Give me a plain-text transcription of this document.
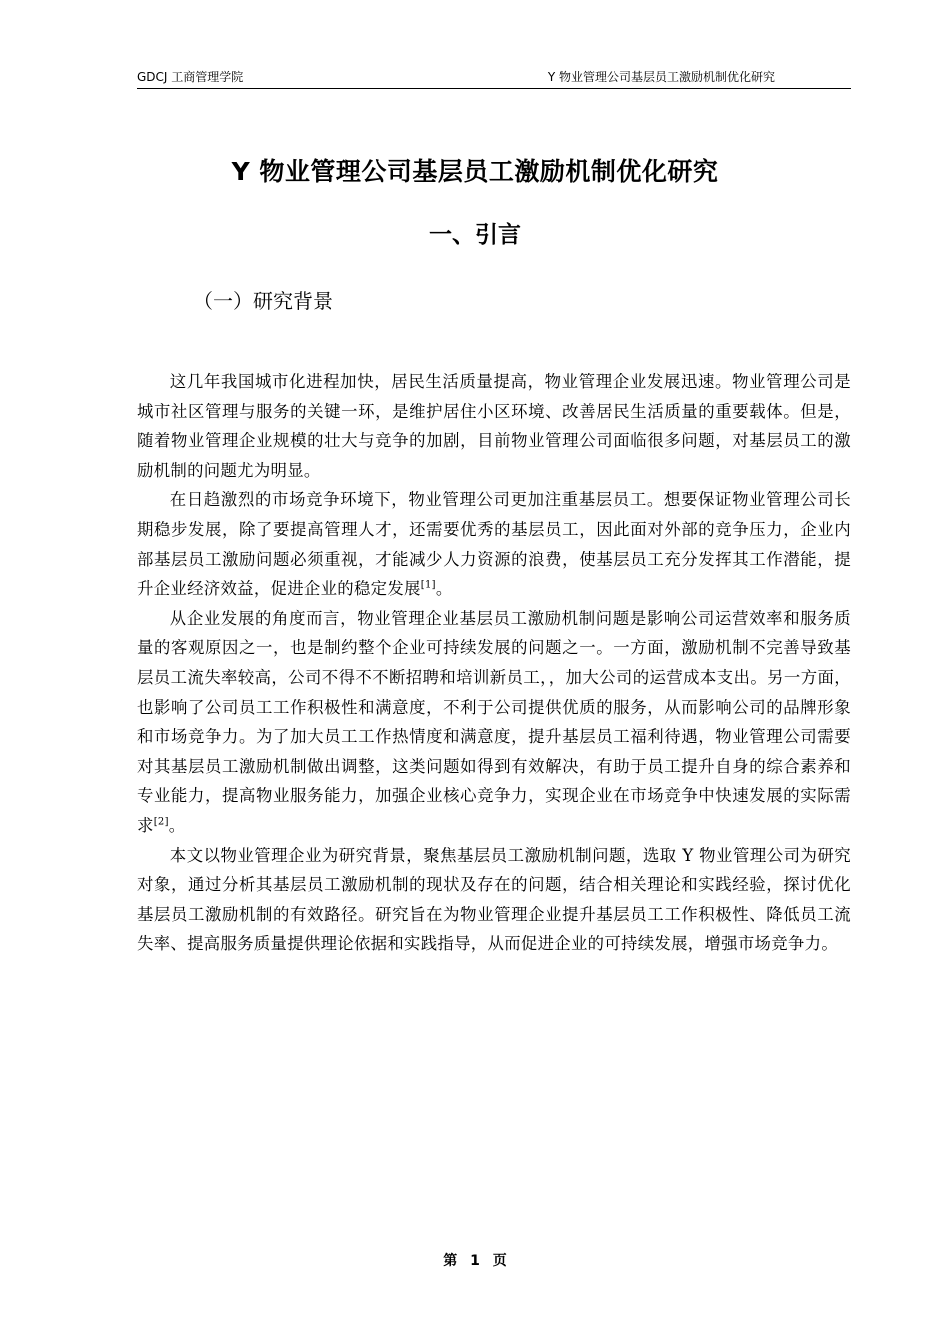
GDCJ 工商管理学院	Y 物业管理公司基层员工激励机制优化研究
Y 物业管理公司基层员工激励机制优化研究
一、引言
（一）研究背景

这几年我国城市化进程加快，居民生活质量提高，物业管理企业发展迅速。物业管理公司是城市社区管理与服务的关键一环，是维护居住小区环境、改善居民生活质量的重要载体。但是，随着物业管理企业规模的壮大与竞争的加剧，目前物业管理公司面临很多问题，对基层员工的激励机制的问题尤为明显。

在日趋激烈的市场竞争环境下，物业管理公司更加注重基层员工。想要保证物业管理公司长期稳步发展，除了要提高管理人才，还需要优秀的基层员工，因此面对外部的竞争压力，企业内部基层员工激励问题必须重视，才能减少人力资源的浪费，使基层员工充分发挥其工作潜能，提升企业经济效益，促进企业的稳定发展[1]。

从企业发展的角度而言，物业管理企业基层员工激励机制问题是影响公司运营效率和服务质量的客观原因之一，也是制约整个企业可持续发展的问题之一。一方面，激励机制不完善导致基层员工流失率较高，公司不得不不断招聘和培训新员工，，加大公司的运营成本支出。另一方面，也影响了公司员工工作积极性和满意度，不利于公司提供优质的服务，从而影响公司的品牌形象和市场竞争力。为了加大员工工作热情度和满意度，提升基层员工福利待遇，物业管理公司需要对其基层员工激励机制做出调整，这类问题如得到有效解决，有助于员工提升自身的综合素养和专业能力，提高物业服务能力，加强企业核心竞争力，实现企业在市场竞争中快速发展的实际需求[2]。

本文以物业管理企业为研究背景，聚焦基层员工激励机制问题，选取 Y 物业管理公司为研究对象，通过分析其基层员工激励机制的现状及存在的问题，结合相关理论和实践经验，探讨优化基层员工激励机制的有效路径。研究旨在为物业管理企业提升基层员工工作积极性、降低员工流失率、提高服务质量提供理论依据和实践指导，从而促进企业的可持续发展，增强市场竞争力。

第 1 页
